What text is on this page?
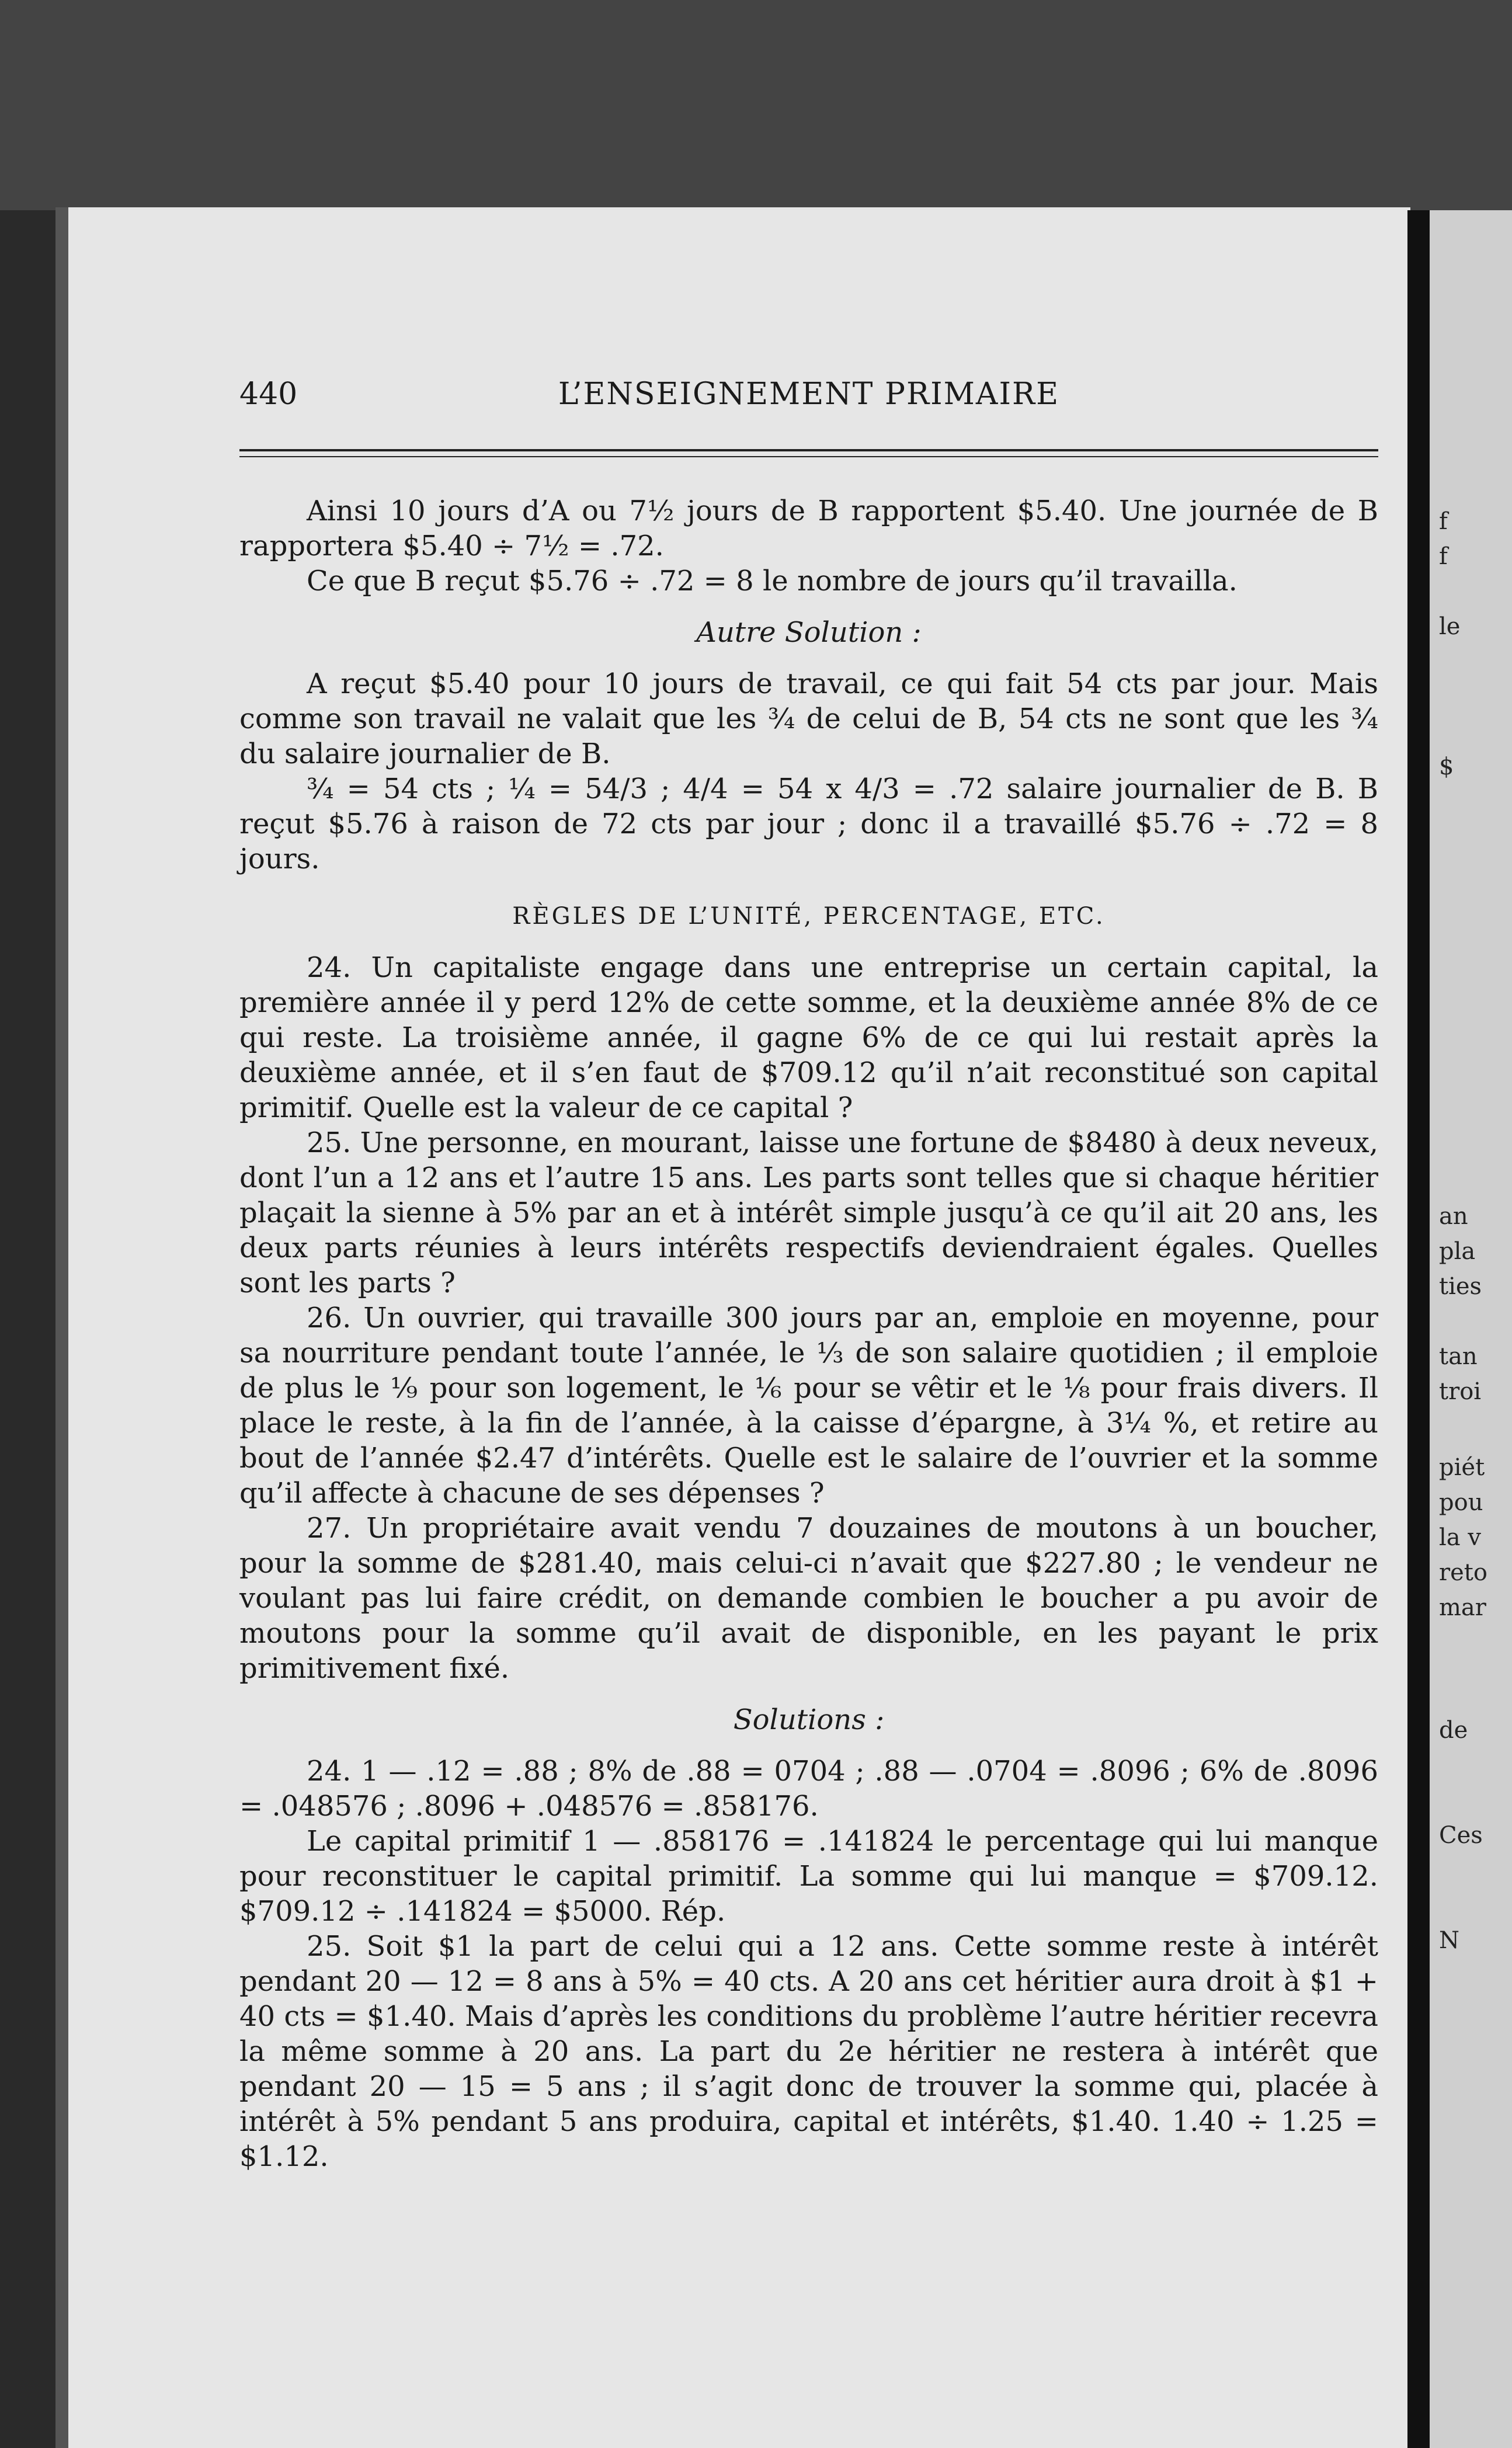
440	L’ENSEIGNEMENT PRIMAIRE

Ainsi 10 jours d’A ou 7½ jours de B rapportent $5.40. Une journée de B rapportera $5.40 ÷ 7½ = .72.

Ce que B reçut $5.76 ÷ .72 = 8 le nombre de jours qu’il travailla.

Autre Solution :

A reçut $5.40 pour 10 jours de travail, ce qui fait 54 cts par jour. Mais comme son travail ne valait que les ¾ de celui de B, 54 cts ne sont que les ¾ du salaire journalier de B.

¾ = 54 cts ; ¼ = 54/3 ; 4/4 = 54 x 4/3 = .72 salaire journalier de B. B reçut $5.76 à raison de 72 cts par jour ; donc il a travaillé $5.76 ÷ .72 = 8 jours.

RÈGLES DE L’UNITÉ, PERCENTAGE, ETC.

24. Un capitaliste engage dans une entreprise un certain capital, la première année il y perd 12% de cette somme, et la deuxième année 8% de ce qui reste. La troisième année, il gagne 6% de ce qui lui restait après la deuxième année, et il s’en faut de $709.12 qu’il n’ait reconstitué son capital primitif. Quelle est la valeur de ce capital ?

25. Une personne, en mourant, laisse une fortune de $8480 à deux neveux, dont l’un a 12 ans et l’autre 15 ans. Les parts sont telles que si chaque héritier plaçait la sienne à 5% par an et à intérêt simple jusqu’à ce qu’il ait 20 ans, les deux parts réunies à leurs intérêts respectifs deviendraient égales. Quelles sont les parts ?

26. Un ouvrier, qui travaille 300 jours par an, emploie en moyenne, pour sa nourriture pendant toute l’année, le ⅓ de son salaire quotidien ; il emploie de plus le ⅑ pour son logement, le ⅙ pour se vêtir et le ⅛ pour frais divers. Il place le reste, à la fin de l’année, à la caisse d’épargne, à 3¼ %, et retire au bout de l’année $2.47 d’intérêts. Quelle est le salaire de l’ouvrier et la somme qu’il affecte à chacune de ses dépenses ?

27. Un propriétaire avait vendu 7 douzaines de moutons à un boucher, pour la somme de $281.40, mais celui-ci n’avait que $227.80 ; le vendeur ne voulant pas lui faire crédit, on demande combien le boucher a pu avoir de moutons pour la somme qu’il avait de disponible, en les payant le prix primitivement fixé.

Solutions :

24. 1 — .12 = .88 ; 8% de .88 = 0704 ; .88 — .0704 = .8096 ; 6% de .8096 = .048576 ; .8096 + .048576 = .858176.

Le capital primitif 1 — .858176 = .141824 le percentage qui lui manque pour reconstituer le capital primitif. La somme qui lui manque = $709.12. $709.12 ÷ .141824 = $5000. Rép.

25. Soit $1 la part de celui qui a 12 ans. Cette somme reste à intérêt pendant 20 — 12 = 8 ans à 5% = 40 cts. A 20 ans cet héritier aura droit à $1 + 40 cts = $1.40. Mais d’après les conditions du problème l’autre héritier recevra la même somme à 20 ans. La part du 2e héritier ne restera à intérêt que pendant 20 — 15 = 5 ans ; il s’agit donc de trouver la somme qui, placée à intérêt à 5% pendant 5 ans produira, capital et intérêts, $1.40. 1.40 ÷ 1.25 = $1.12.

f
f
le
$
an
pla
ties
tan
troi
piét
pou
la v
reto
mar
de
Ces
N
